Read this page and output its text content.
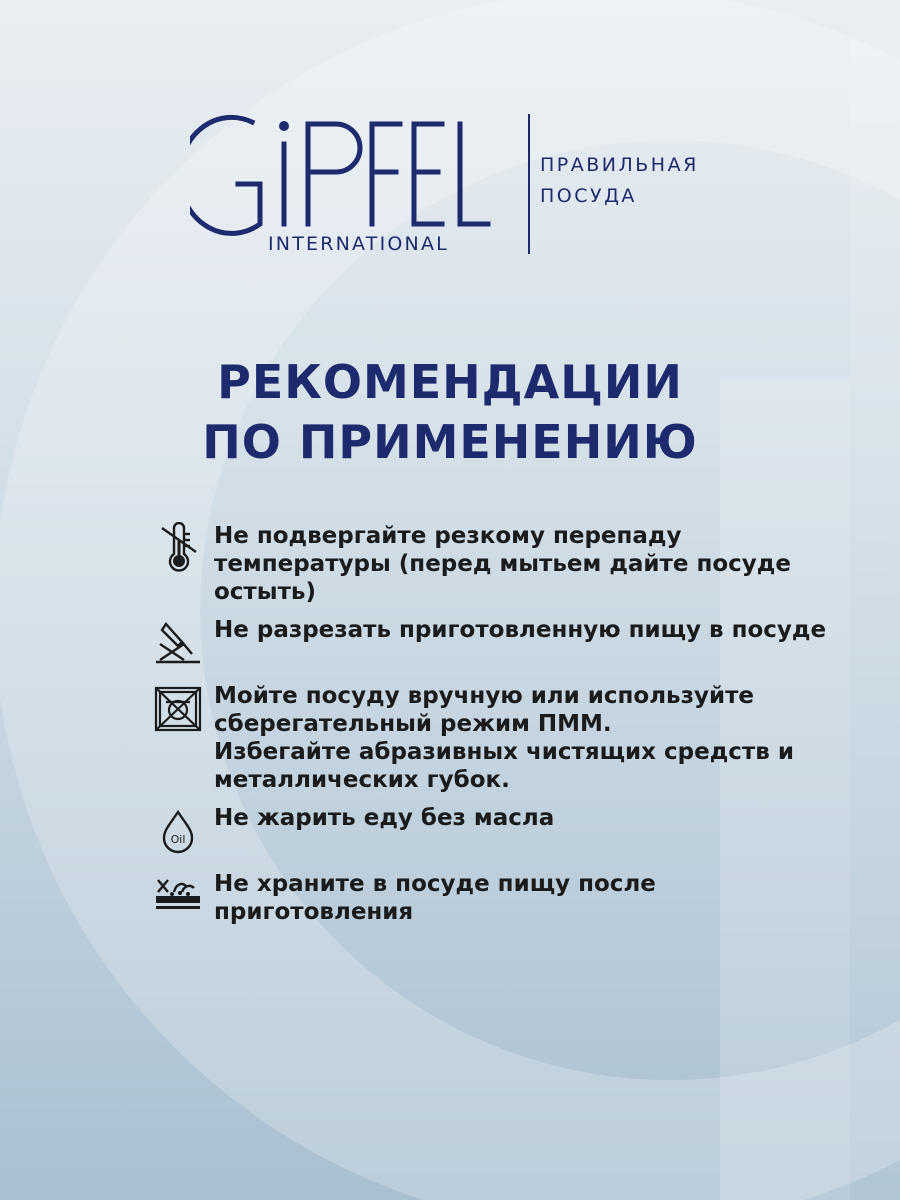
INTERNATIONAL
ПРАВИЛЬНАЯ
ПОСУДА
РЕКОМЕНДАЦИИ
ПО ПРИМЕНЕНИЮ
Не подвергайте резкому перепаду
температуры (перед мытьем дайте посуде
остыть)
Не разрезать приготовленную пищу в посуде
Мойте посуду вручную или используйте
сберегательный режим ПММ.
Избегайте абразивных чистящих средств и
металлических губок.
Oil
Не жарить еду без масла
Не храните в посуде пищу после
приготовления
